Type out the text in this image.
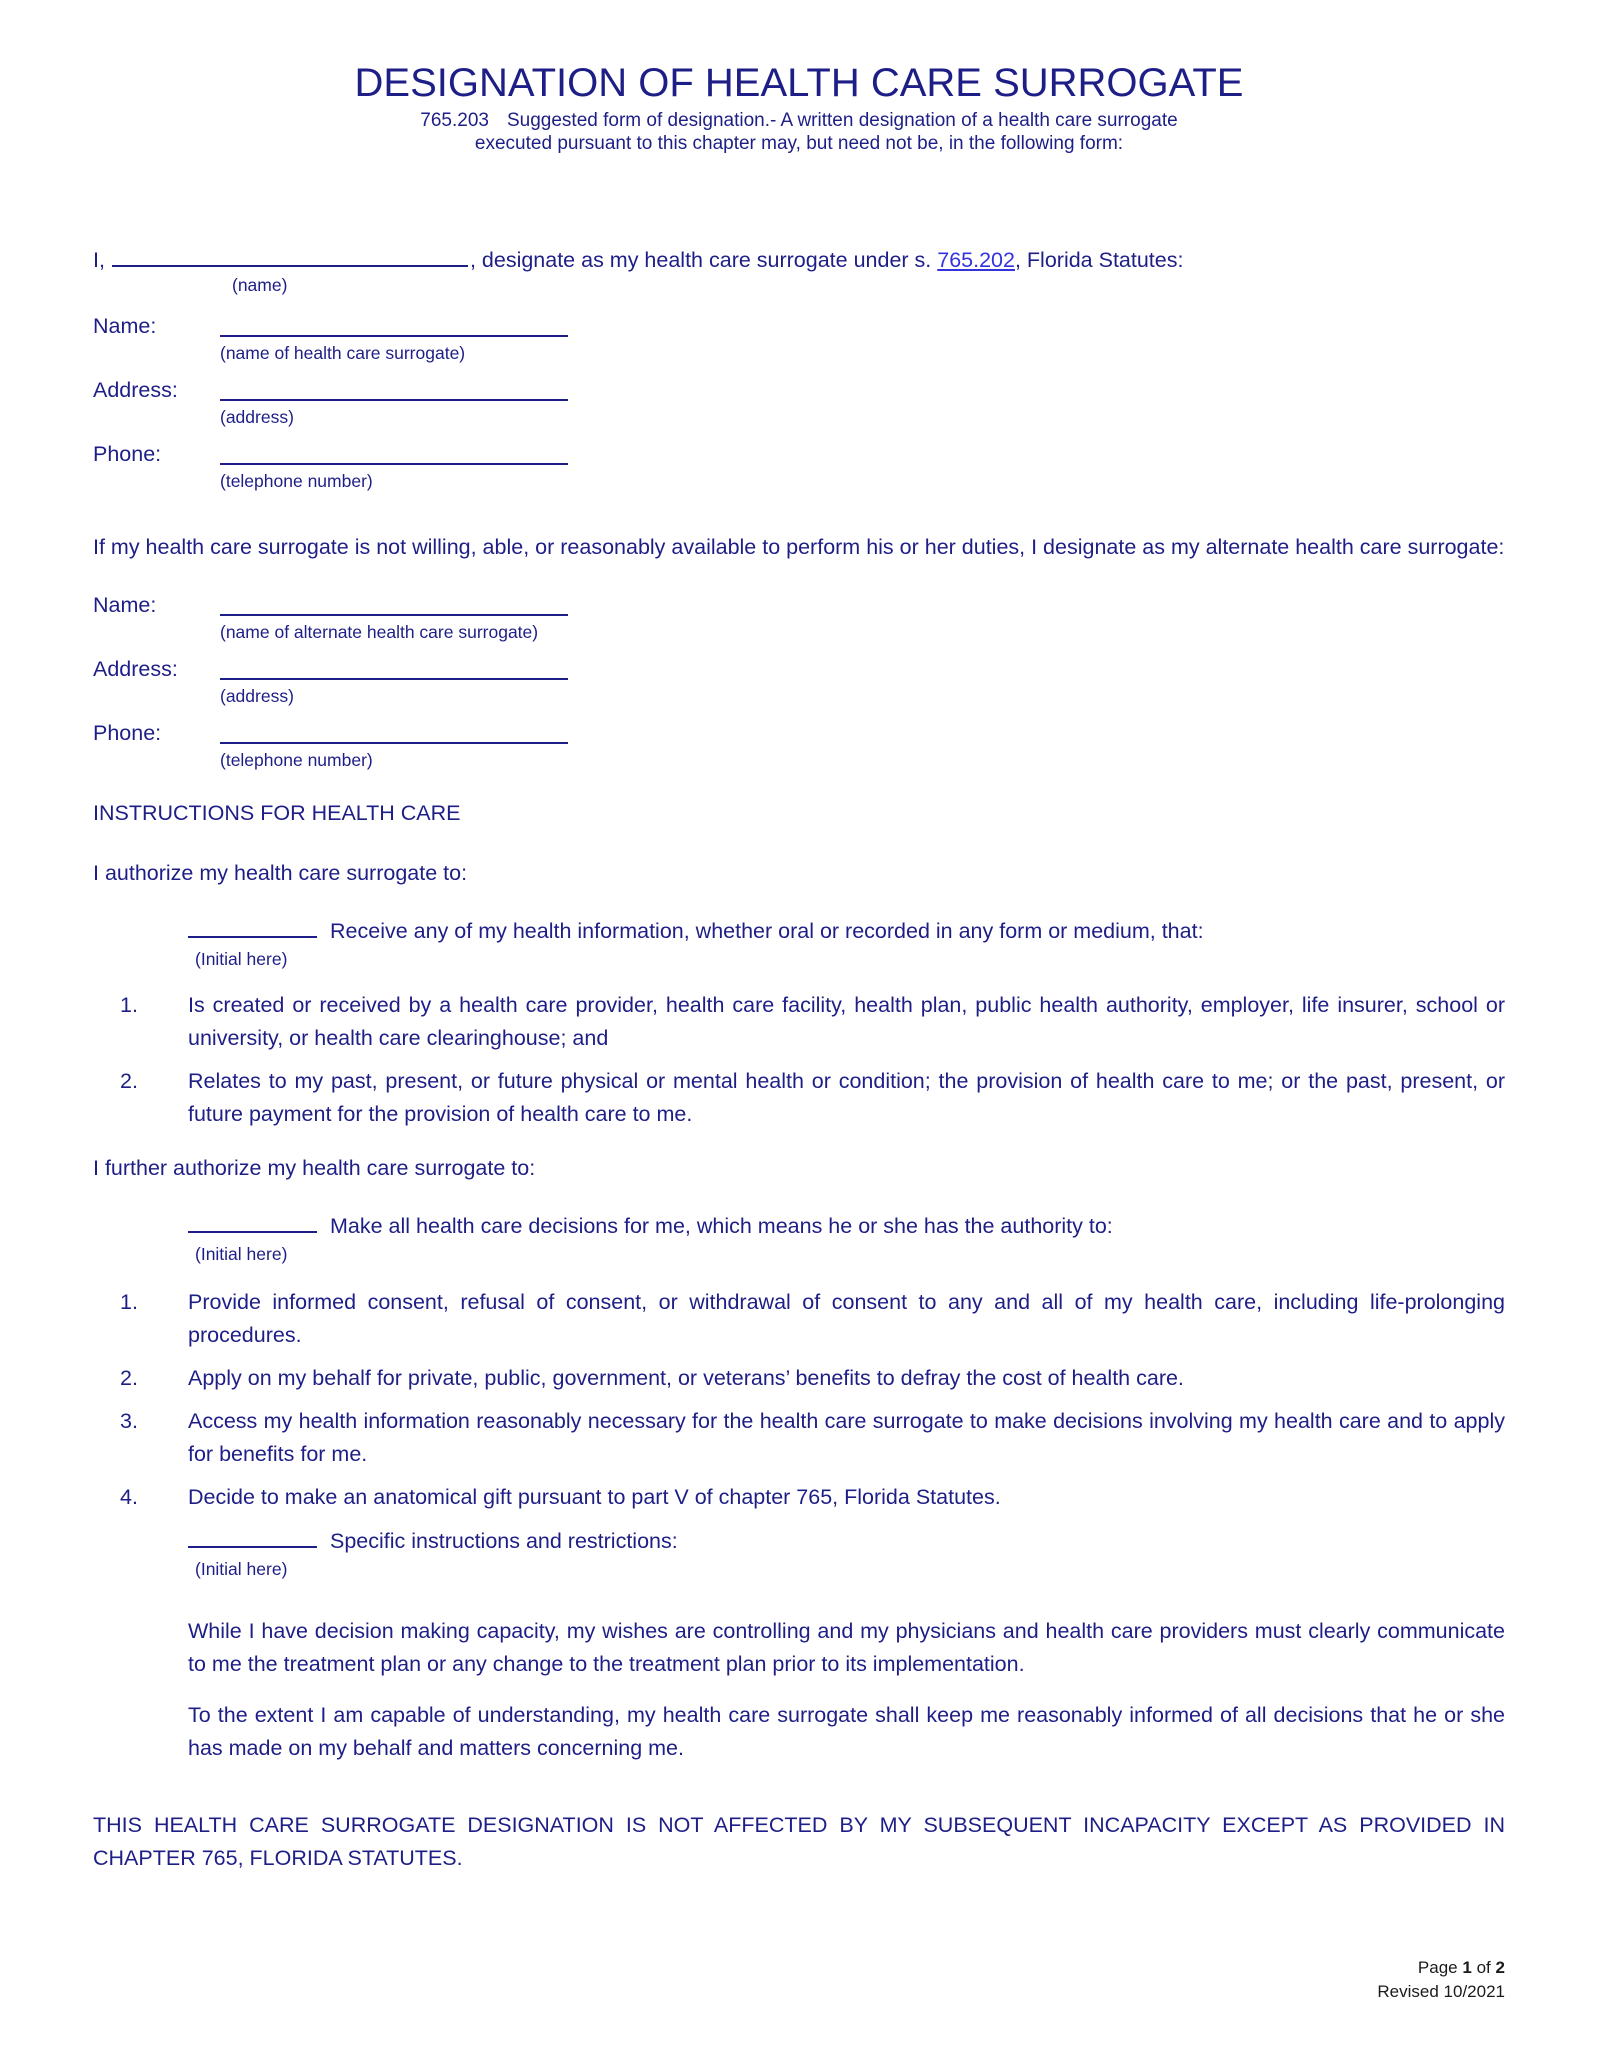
DESIGNATION OF HEALTH CARE SURROGATE
765.203 Suggested form of designation.- A written designation of a health care surrogate
executed pursuant to this chapter may, but need not be, in the following form:
I,	, designate as my health care surrogate under s. 765.202, Florida Statutes:
(name)
Name:
(name of health care surrogate)
Address:
(address)
Phone:
(telephone number)
If my health care surrogate is not willing, able, or reasonably available to perform his or her duties, I designate as my alternate health care surrogate:
Name:
(name of alternate health care surrogate)
Address:
(address)
Phone:
(telephone number)
INSTRUCTIONS FOR HEALTH CARE
I authorize my health care surrogate to:
Receive any of my health information, whether oral or recorded in any form or medium, that:
(Initial here)
1.	Is created or received by a health care provider, health care facility, health plan, public health authority, employer, life insurer, school or university, or health care clearinghouse; and
2.	Relates to my past, present, or future physical or mental health or condition; the provision of health care to me; or the past, present, or future payment for the provision of health care to me.
I further authorize my health care surrogate to:
Make all health care decisions for me, which means he or she has the authority to:
(Initial here)
1.	Provide informed consent, refusal of consent, or withdrawal of consent to any and all of my health care, including life-prolonging procedures.
2.	Apply on my behalf for private, public, government, or veterans’ benefits to defray the cost of health care.
3.	Access my health information reasonably necessary for the health care surrogate to make decisions involving my health care and to apply for benefits for me.
4.	Decide to make an anatomical gift pursuant to part V of chapter 765, Florida Statutes.
Specific instructions and restrictions:
(Initial here)
While I have decision making capacity, my wishes are controlling and my physicians and health care providers must clearly communicate to me the treatment plan or any change to the treatment plan prior to its implementation.
To the extent I am capable of understanding, my health care surrogate shall keep me reasonably informed of all decisions that he or she has made on my behalf and matters concerning me.
THIS HEALTH CARE SURROGATE DESIGNATION IS NOT AFFECTED BY MY SUBSEQUENT INCAPACITY EXCEPT AS PROVIDED IN CHAPTER 765, FLORIDA STATUTES.
Page 1 of 2
Revised 10/2021
